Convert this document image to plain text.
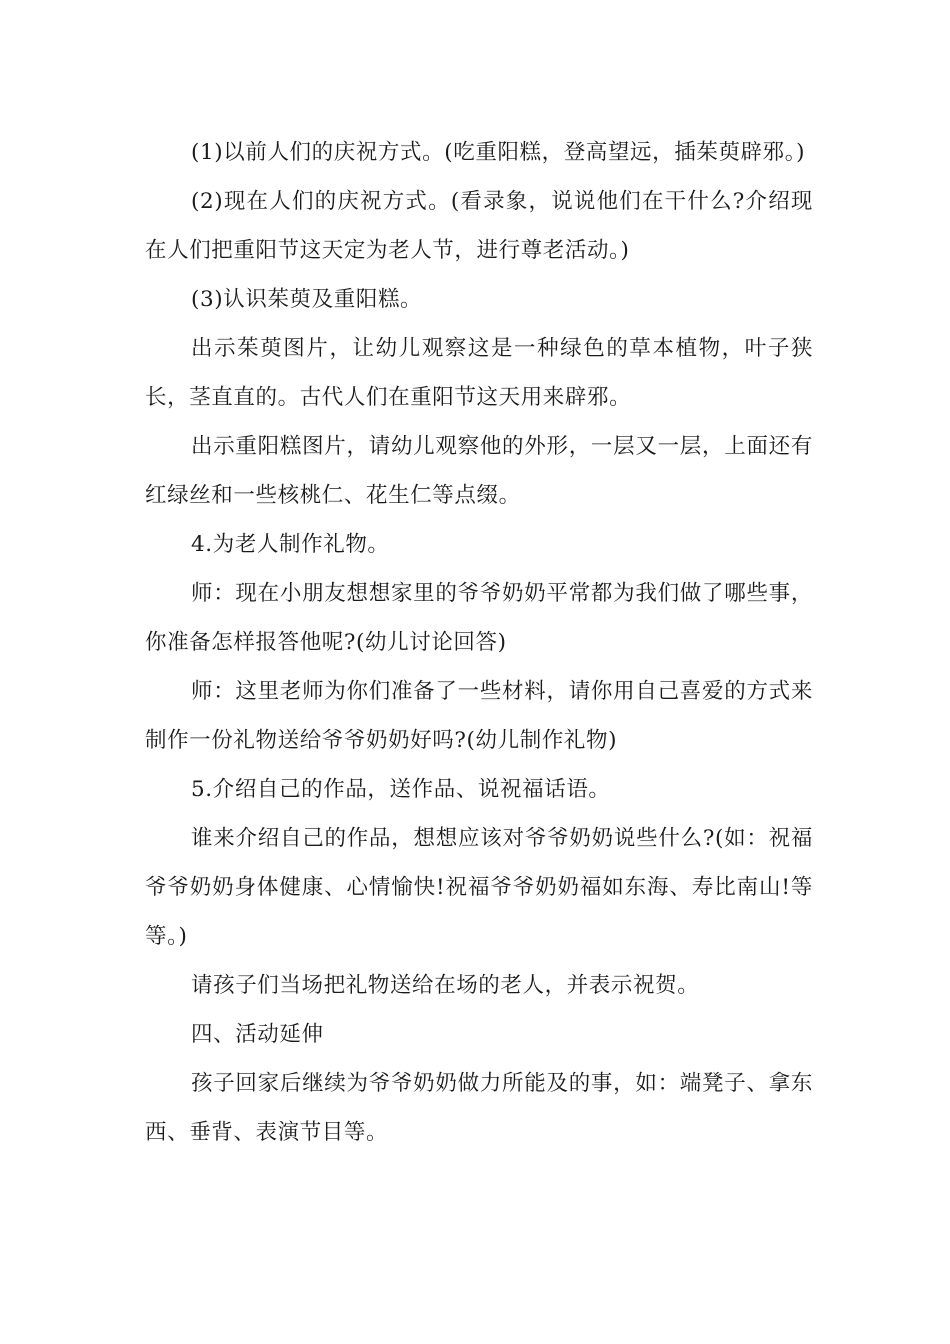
(1)以前人们的庆祝方式。(吃重阳糕，登高望远，插茱萸辟邪。)

(2)现在人们的庆祝方式。(看录象，说说他们在干什么?介绍现在人们把重阳节这天定为老人节，进行尊老活动。)

(3)认识茱萸及重阳糕。

出示茱萸图片，让幼儿观察这是一种绿色的草本植物，叶子狭长，茎直直的。古代人们在重阳节这天用来辟邪。

出示重阳糕图片，请幼儿观察他的外形，一层又一层，上面还有红绿丝和一些核桃仁、花生仁等点缀。

4.为老人制作礼物。

师：现在小朋友想想家里的爷爷奶奶平常都为我们做了哪些事，你准备怎样报答他呢?(幼儿讨论回答)

师：这里老师为你们准备了一些材料，请你用自己喜爱的方式来制作一份礼物送给爷爷奶奶好吗?(幼儿制作礼物)

5.介绍自己的作品，送作品、说祝福话语。

谁来介绍自己的作品，想想应该对爷爷奶奶说些什么?(如：祝福爷爷奶奶身体健康、心情愉快!祝福爷爷奶奶福如东海、寿比南山!等等。)

请孩子们当场把礼物送给在场的老人，并表示祝贺。

四、活动延伸

孩子回家后继续为爷爷奶奶做力所能及的事，如：端凳子、拿东西、垂背、表演节目等。
